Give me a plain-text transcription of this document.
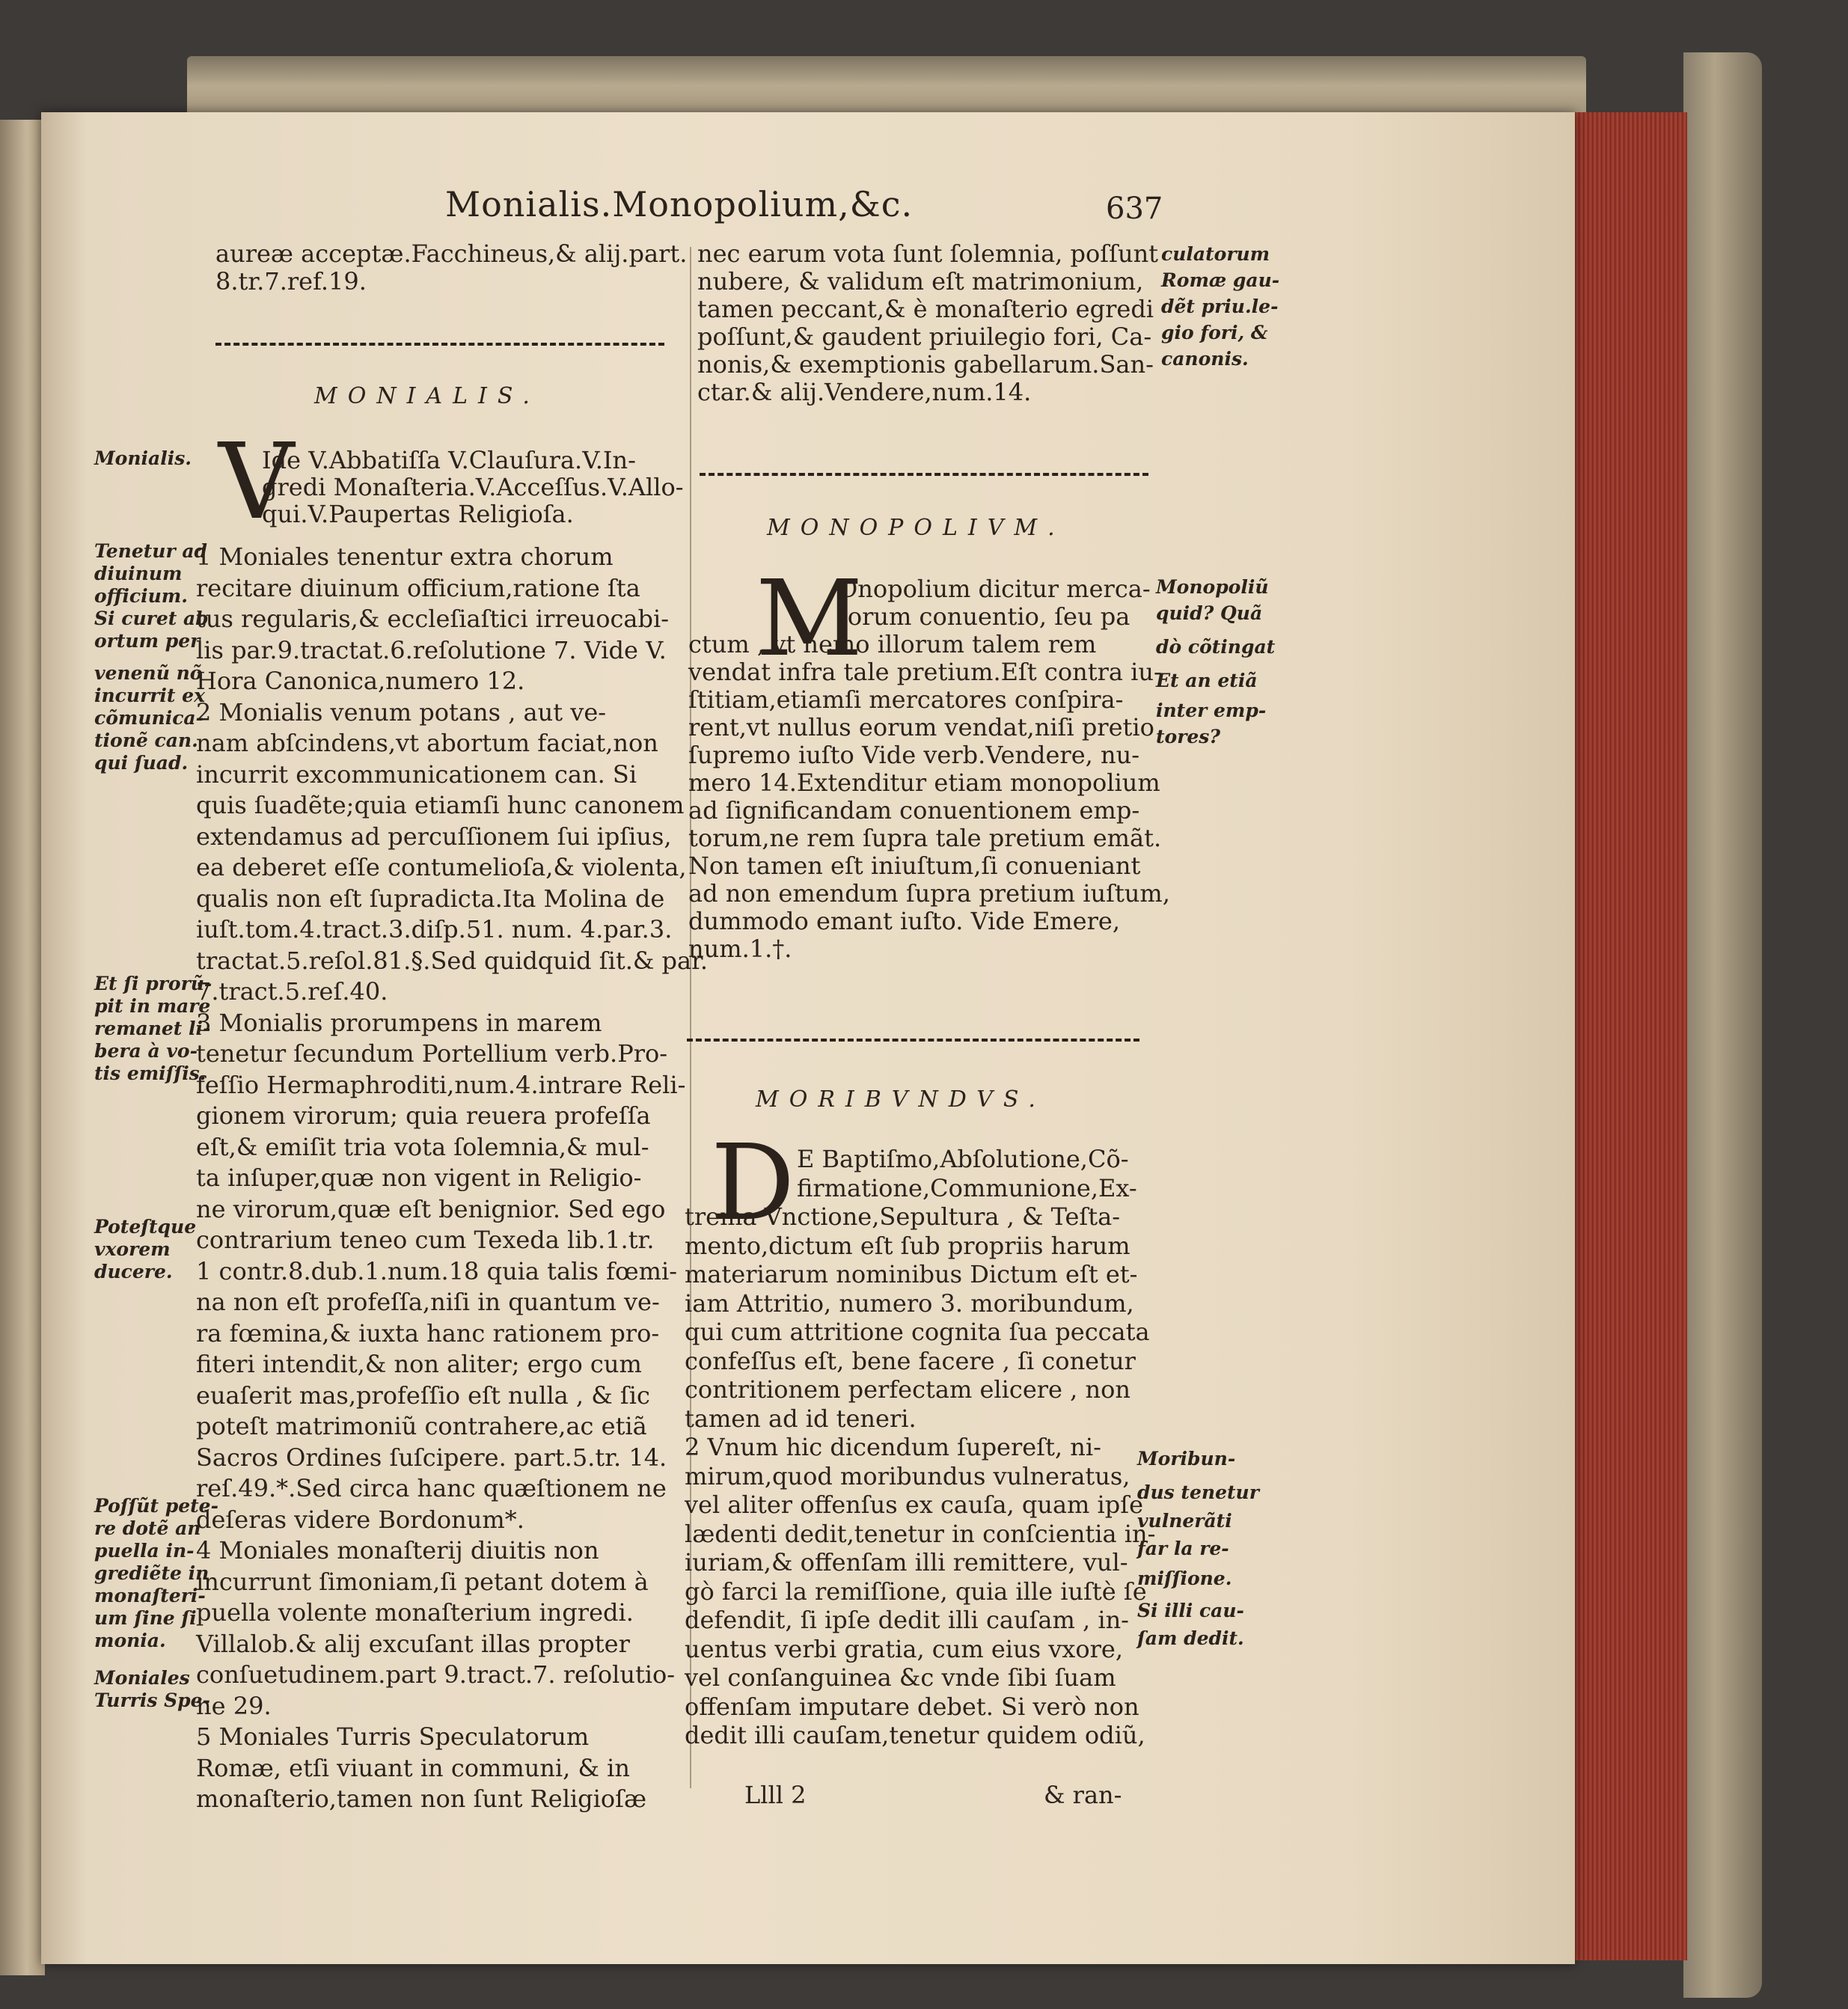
Monialis.Monopolium,&c.	637
aureæ acceptæ.Facchineus,& alij.part.
8.tr.7.ref.19.
MONIALIS.
V
Ide V.Abbatiſſa V.Clauſura.V.In-
gredi Monaſteria.V.Acceſſus.V.Allo-
qui.V.Paupertas Religioſa.
1 Moniales tenentur extra chorum
recitare diuinum officium,ratione ſta
tus regularis,& eccleſiaſtici irreuocabi-
lis par.9.tractat.6.reſolutione 7. Vide V.
Hora Canonica,numero 12.
2 Monialis venum potans , aut ve-
nam abſcindens,vt abortum faciat,non
incurrit excommunicationem can. Si
quis ſuadẽte;quia etiamſi hunc canonem
extendamus ad percuſſionem ſui ipſius,
ea deberet eſſe contumelioſa,& violenta,
qualis non eſt ſupradicta.Ita Molina de
iuſt.tom.4.tract.3.diſp.51. num. 4.par.3.
tractat.5.reſol.81.§.Sed quidquid ſit.& par.
7.tract.5.reſ.40.
3 Monialis prorumpens in marem
tenetur ſecundum Portellium verb.Pro-
feſſio Hermaphroditi,num.4.intrare Reli-
gionem virorum; quia reuera profeſſa
eſt,& emiſit tria vota ſolemnia,& mul-
ta inſuper,quæ non vigent in Religio-
ne virorum,quæ eſt benignior. Sed ego
contrarium teneo cum Texeda lib.1.tr.
1 contr.8.dub.1.num.18 quia talis fœmi-
na non eſt profeſſa,niſi in quantum ve-
ra fœmina,& iuxta hanc rationem pro-
fiteri intendit,& non aliter; ergo cum
euaſerit mas,profeſſio eſt nulla , & ſic
poteſt matrimoniũ contrahere,ac etiã
Sacros Ordines ſuſcipere. part.5.tr. 14.
reſ.49.*.Sed circa hanc quæſtionem ne
deſeras videre Bordonum*.
4 Moniales monaſterij diuitis non
incurrunt ſimoniam,ſi petant dotem à
puella volente monaſterium ingredi.
Villalob.& alij excuſant illas propter
conſuetudinem.part 9.tract.7. reſolutio-
ne 29.
5 Moniales Turris Speculatorum
Romæ, etſi viuant in communi, & in
monaſterio,tamen non ſunt Religioſæ
Monialis.
Tenetur ad
diuinum
officium.
Si curet ab
ortum per
venenũ nõ
incurrit ex
cõmunica-
tionẽ can.
qui ſuad.
Et ſi prorũ-
pit in mare
remanet li-
bera à vo-
tis emiſſis.
Poteſtque
vxorem
ducere.
Poſſũt pete-
re dotẽ an
puella in-
grediẽte in
monaſteri-
um ſine ſi
monia.
Moniales
Turris Spe-
nec earum vota ſunt ſolemnia, poſſunt
nubere, & validum eſt matrimonium,
tamen peccant,& è monaſterio egredi
poſſunt,& gaudent priuilegio fori, Ca-
nonis,& exemptionis gabellarum.San-
ctar.& alij.Vendere,num.14.
culatorum
Romæ gau-
dẽt priu.le-
gio fori, &
canonis.
MONOPOLIVM.
M
Onopolium dicitur merca-
torum conuentio, ſeu pa
ctum , vt nemo illorum talem rem
vendat infra tale pretium.Eſt contra iu-
ſtitiam,etiamſi mercatores conſpira-
rent,vt nullus eorum vendat,niſi pretio
ſupremo iuſto Vide verb.Vendere, nu-
mero 14.Extenditur etiam monopolium
ad ſignificandam conuentionem emp-
torum,ne rem ſupra tale pretium emãt.
Non tamen eſt iniuſtum,ſi conueniant
ad non emendum ſupra pretium iuſtum,
dummodo emant iuſto. Vide Emere,
num.1.†.
Monopoliũ
quid? Quã
dò cõtingat
Et an etiã
inter emp-
tores?
MORIBVNDVS.
D E Baptiſmo,Abſolutione,Cõ-
firmatione,Communione,Ex-
trema Vnctione,Sepultura , & Teſta-
mento,dictum eſt ſub propriis harum
materiarum nominibus Dictum eſt et-
iam Attritio, numero 3. moribundum,
qui cum attritione cognita ſua peccata
confeſſus eſt, bene facere , ſi conetur
contritionem perfectam elicere , non
tamen ad id teneri.
2 Vnum hic dicendum ſupereſt, ni-
mirum,quod moribundus vulneratus,
vel aliter offenſus ex cauſa, quam ipſe
lædenti dedit,tenetur in conſcientia in-
iuriam,& offenſam illi remittere, vul-
gò farci la remiſſione, quia ille iuſtè ſe
defendit, ſi ipſe dedit illi cauſam , in-
uentus verbi gratia, cum eius vxore,
vel conſanguinea &c vnde ſibi ſuam
offenſam imputare debet. Si verò non
dedit illi cauſam,tenetur quidem odiũ,
Moribun-
dus tenetur
vulnerãti
far la re-
miſſione.
Si illi cau-
ſam dedit.
Llll 2	& ran-
